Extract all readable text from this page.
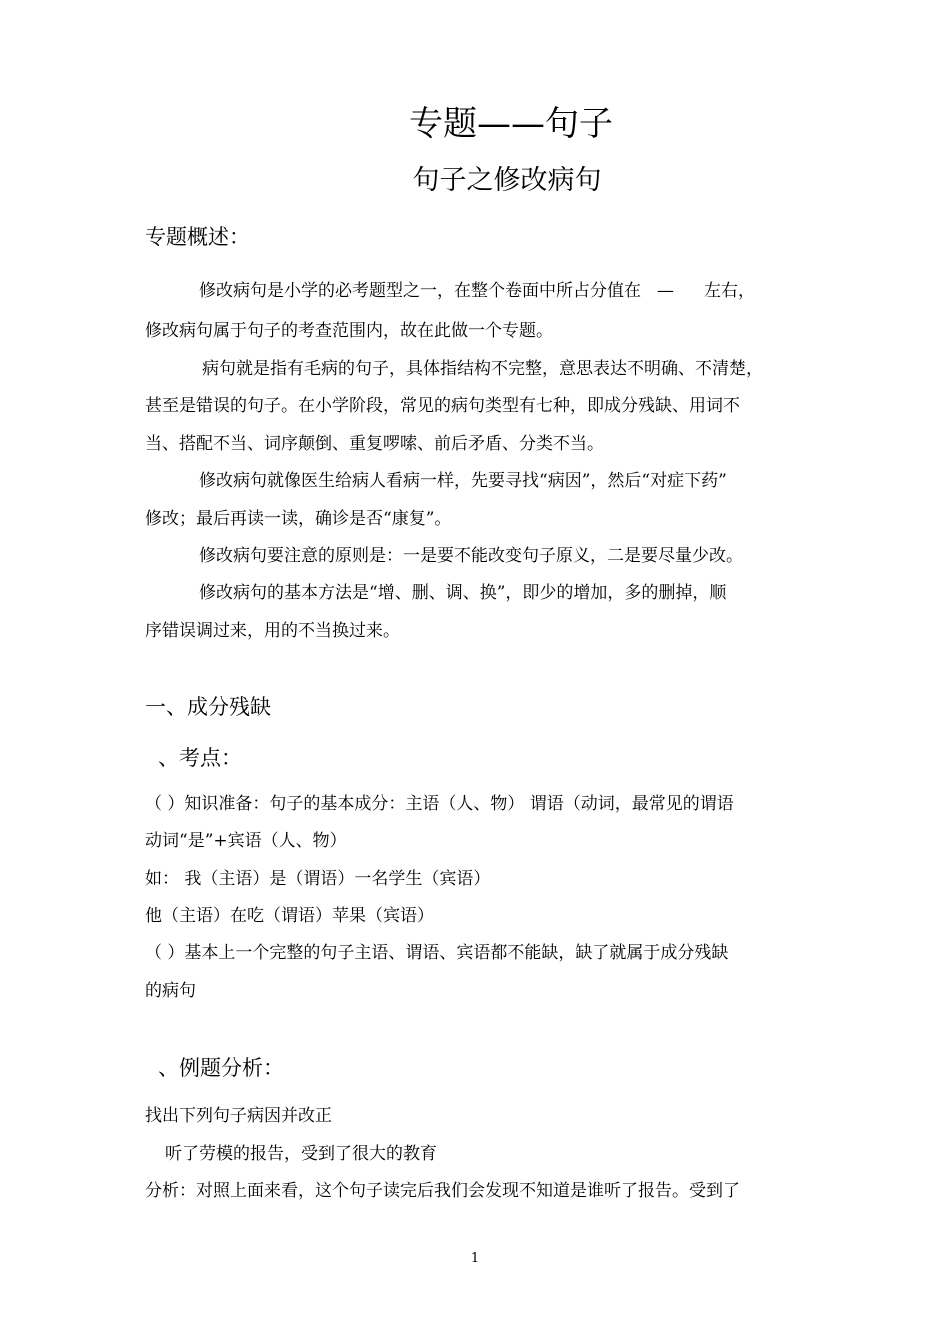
专题——句子
句子之修改病句
专题概述：
修改病句是小学的必考题型之一，在整个卷面中所占分值在 — 左右，
修改病句属于句子的考查范围内，故在此做一个专题。
病句就是指有毛病的句子，具体指结构不完整，意思表达不明确、不清楚，
甚至是错误的句子。在小学阶段，常见的病句类型有七种，即成分残缺、用词不
当、搭配不当、词序颠倒、重复啰嗦、前后矛盾、分类不当。
修改病句就像医生给病人看病一样，先要寻找“病因”，然后“对症下药”
修改；最后再读一读，确诊是否“康复”。
修改病句要注意的原则是：一是要不能改变句子原义，二是要尽量少改。
修改病句的基本方法是“增、删、调、换”，即少的增加，多的删掉，顺
序错误调过来，用的不当换过来。
一、成分残缺
、考点：
（ ）知识准备：句子的基本成分：主语（人、物） 谓语（动词，最常见的谓语
动词“是”+宾语（人、物）
如： 我（主语）是（谓语）一名学生（宾语）
他（主语）在吃（谓语）苹果（宾语）
（ ）基本上一个完整的句子主语、谓语、宾语都不能缺，缺了就属于成分残缺
的病句
、例题分析：
找出下列句子病因并改正
听了劳模的报告，受到了很大的教育
分析：对照上面来看，这个句子读完后我们会发现不知道是谁听了报告。受到了
1
